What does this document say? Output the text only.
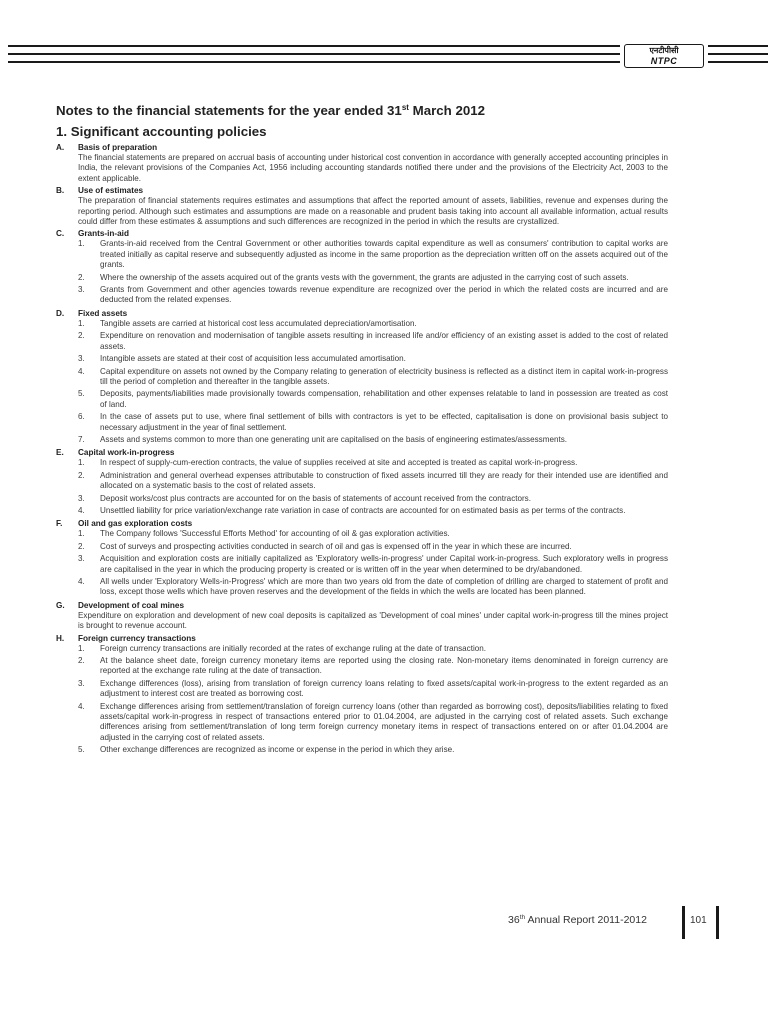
एनटीपीसी
NTPC
Notes to the financial statements for the year ended 31st March 2012
1. Significant accounting policies
A.	Basis of preparation
The financial statements are prepared on accrual basis of accounting under historical cost convention in accordance with generally accepted accounting principles in India, the relevant provisions of the Companies Act, 1956 including accounting standards notified there under and the provisions of the Electricity Act, 2003 to the extent applicable.
B.	Use of estimates
The preparation of financial statements requires estimates and assumptions that affect the reported amount of assets, liabilities, revenue and expenses during the reporting period. Although such estimates and assumptions are made on a reasonable and prudent basis taking into account all available information, actual results could differ from these estimates & assumptions and such differences are recognized in the period in which the results are crystallized.
C.	Grants-in-aid
1.	Grants-in-aid received from the Central Government or other authorities towards capital expenditure as well as consumers' contribution to capital works are treated initially as capital reserve and subsequently adjusted as income in the same proportion as the depreciation written off on the assets acquired out of the grants.
2.	Where the ownership of the assets acquired out of the grants vests with the government, the grants are adjusted in the carrying cost of such assets.
3.	Grants from Government and other agencies towards revenue expenditure are recognized over the period in which the related costs are incurred and are deducted from the related expenses.
D.	Fixed assets
1.	Tangible assets are carried at historical cost less accumulated depreciation/amortisation.
2.	Expenditure on renovation and modernisation of tangible assets resulting in increased life and/or efficiency of an existing asset is added to the cost of related assets.
3.	Intangible assets are stated at their cost of acquisition less accumulated amortisation.
4.	Capital expenditure on assets not owned by the Company relating to generation of electricity business is reflected as a distinct item in capital work-in-progress till the period of completion and thereafter in the tangible assets.
5.	Deposits, payments/liabilities made provisionally towards compensation, rehabilitation and other expenses relatable to land in possession are treated as cost of land.
6.	In the case of assets put to use, where final settlement of bills with contractors is yet to be effected, capitalisation is done on provisional basis subject to necessary adjustment in the year of final settlement.
7.	Assets and systems common to more than one generating unit are capitalised on the basis of engineering estimates/assessments.
E.	Capital work-in-progress
1.	In respect of supply-cum-erection contracts, the value of supplies received at site and accepted is treated as capital work-in-progress.
2.	Administration and general overhead expenses attributable to construction of fixed assets incurred till they are ready for their intended use are identified and allocated on a systematic basis to the cost of related assets.
3.	Deposit works/cost plus contracts are accounted for on the basis of statements of account received from the contractors.
4.	Unsettled liability for price variation/exchange rate variation in case of contracts are accounted for on estimated basis as per terms of the contracts.
F.	Oil and gas exploration costs
1.	The Company follows 'Successful Efforts Method' for accounting of oil & gas exploration activities.
2.	Cost of surveys and prospecting activities conducted in search of oil and gas is expensed off in the year in which these are incurred.
3.	Acquisition and exploration costs are initially capitalized as 'Exploratory wells-in-progress' under Capital work-in-progress. Such exploratory wells in progress are capitalised in the year in which the producing property is created or is written off in the year when determined to be dry/abandoned.
4.	All wells under 'Exploratory Wells-in-Progress' which are more than two years old from the date of completion of drilling are charged to statement of profit and loss, except those wells which have proven reserves and the development of the fields in which the wells are located has been planned.
G.	Development of coal mines
Expenditure on exploration and development of new coal deposits is capitalized as 'Development of coal mines' under capital work-in-progress till the mines project is brought to revenue account.
H.	Foreign currency transactions
1.	Foreign currency transactions are initially recorded at the rates of exchange ruling at the date of transaction.
2.	At the balance sheet date, foreign currency monetary items are reported using the closing rate. Non-monetary items denominated in foreign currency are reported at the exchange rate ruling at the date of transaction.
3.	Exchange differences (loss), arising from translation of foreign currency loans relating to fixed assets/capital work-in-progress to the extent regarded as an adjustment to interest cost are treated as borrowing cost.
4.	Exchange differences arising from settlement/translation of foreign currency loans (other than regarded as borrowing cost), deposits/liabilities relating to fixed assets/capital work-in-progress in respect of transactions entered prior to 01.04.2004, are adjusted in the carrying cost of related assets. Such exchange differences arising from settlement/translation of long term foreign currency monetary items in respect of transactions entered on or after 01.04.2004 are adjusted in the carrying cost of related assets.
5.	Other exchange differences are recognized as income or expense in the period in which they arise.
36th Annual Report 2011-2012	101
